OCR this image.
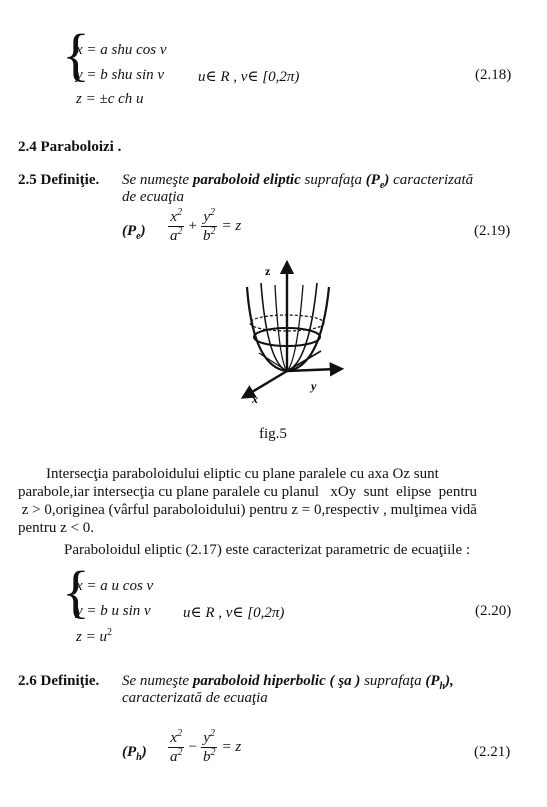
{
x = a shu cos v
y = b shu sin v
z = ±c ch u
u∈ R , v∈ [0,2π)	(2.18)
2.4 Paraboloizi .
2.5 Definiţie. Se numeşte paraboloid eliptic suprafaţa $(P_e)$ caracterizată
de ecuaţia
$(P_e) \frac{x^2}{a^2} + \frac{y^2}{b^2} = z$	(2.19)
z
y
x
fig.5
Intersecţia paraboloidului eliptic cu plane paralele cu axa Oz sunt
parabole,iar intersecţia cu plane paralele cu planul   xOy  sunt  elipse  pentru
z > 0,originea (vârful paraboloidului) pentru z = 0,respectiv , mulţimea vidă
pentru z < 0.
Paraboloidul eliptic (2.17) este caracterizat parametric de ecuaţiile :
{
x = a u cos v
y = b u sin v
$z = u^2$
u∈ R , v∈ [0,2π)	(2.20)
2.6 Definiţie. Se numeşte paraboloid hiperbolic ( şa ) suprafaţa $(P_h)$,
caracterizată de ecuaţia
$(P_h) \frac{x^2}{a^2} - \frac{y^2}{b^2} = z$	(2.21)
